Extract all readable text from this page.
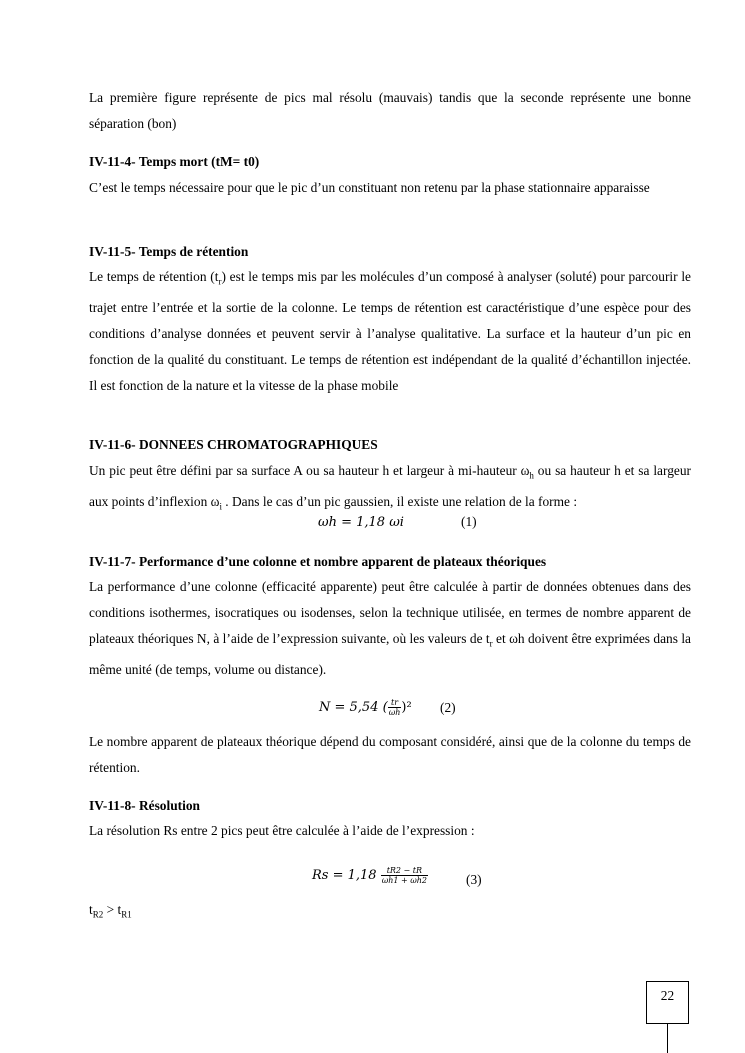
La première figure représente de pics mal résolu (mauvais) tandis que la seconde représente une bonne séparation (bon)

IV-11-4- Temps mort (tM= t0)

C’est le temps nécessaire pour que le pic d’un constituant non retenu par la phase stationnaire apparaisse

IV-11-5- Temps de rétention

Le temps de rétention $(t_r)$ est le temps mis par les molécules d’un composé à analyser (soluté) pour parcourir le trajet entre l’entrée et la sortie de la colonne. Le temps de rétention est caractéristique d’une espèce pour des conditions d’analyse données et peuvent servir à l’analyse qualitative. La surface et la hauteur d’un pic en fonction de la qualité du constituant. Le temps de rétention est indépendant de la qualité d’échantillon injectée. Il est fonction de la nature et la vitesse de la phase mobile

IV-11-6- DONNEES CHROMATOGRAPHIQUES

Un pic peut être défini par sa surface A ou sa hauteur h et largeur à mi-hauteur $\omega_h$ ou sa hauteur h et sa largeur aux points d’inflexion $\omega_i$ . Dans le cas d’un pic gaussien, il existe une relation de la forme :

ωh = 1,18 ωi	(1)

IV-11-7- Performance d’une colonne et nombre apparent de plateaux théoriques

La performance d’une colonne (efficacité apparente) peut être calculée à partir de données obtenues dans des conditions isothermes, isocratiques ou isodenses, selon la technique utilisée, en termes de nombre apparent de plateaux théoriques N, à l’aide de l’expression suivante, où les valeurs de $t_r$ et ωh doivent être exprimées dans la même unité (de temps, volume ou distance).

N = 5,54 ( $\frac{tr}{\omega h} )^2$ (2)

Le nombre apparent de plateaux théorique dépend du composant considéré, ainsi que de la colonne du temps de rétention.

IV-11-8- Résolution

La résolution Rs entre 2 pics peut être calculée à l’aide de l’expression :

$Rs = 1,18 \frac{tR2 - tR}{\omega h1 + \omega h2}$	(3)

$t_{R2} > t_{R1}$

22
